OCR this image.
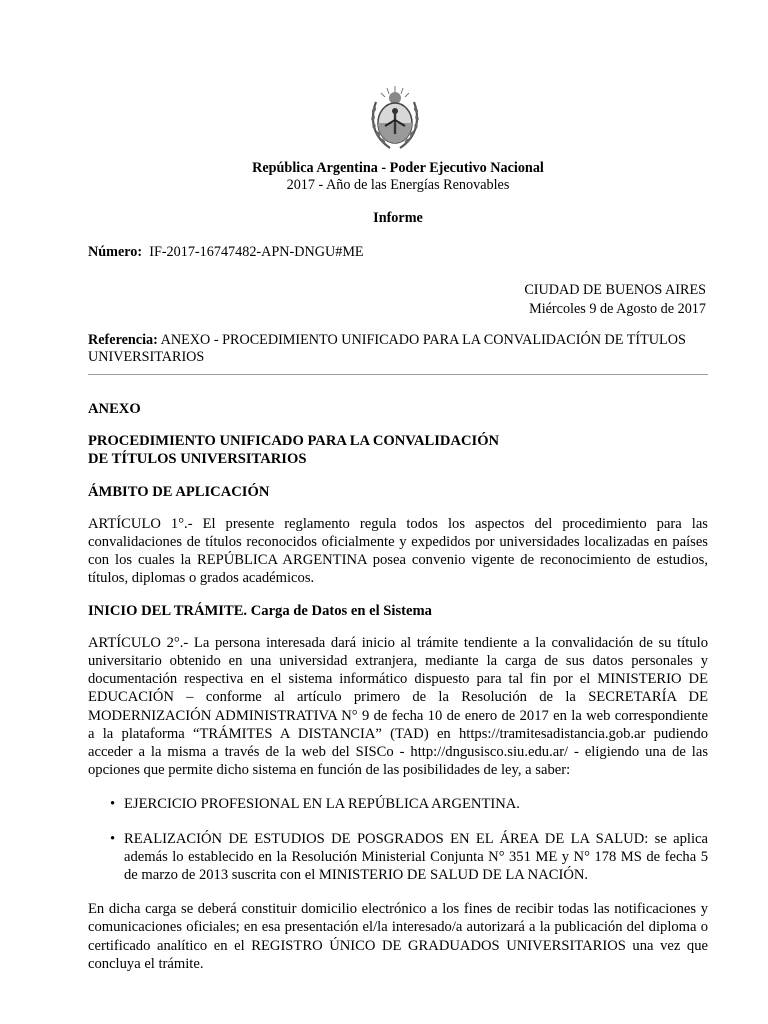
República Argentina - Poder Ejecutivo Nacional
2017 - Año de las Energías Renovables
Informe
Número: IF-2017-16747482-APN-DNGU#ME
CIUDAD DE BUENOS AIRES
Miércoles 9 de Agosto de 2017
Referencia: ANEXO - PROCEDIMIENTO UNIFICADO PARA LA CONVALIDACIÓN DE TÍTULOS UNIVERSITARIOS

ANEXO

PROCEDIMIENTO UNIFICADO PARA LA CONVALIDACIÓN

DE TÍTULOS UNIVERSITARIOS

ÁMBITO DE APLICACIÓN

ARTÍCULO 1°.- El presente reglamento regula todos los aspectos del procedimiento para las convalidaciones de títulos reconocidos oficialmente y expedidos por universidades localizadas en países con los cuales la REPÚBLICA ARGENTINA posea convenio vigente de reconocimiento de estudios, títulos, diplomas o grados académicos.

INICIO DEL TRÁMITE. Carga de Datos en el Sistema

ARTÍCULO 2°.- La persona interesada dará inicio al trámite tendiente a la convalidación de su título universitario obtenido en una universidad extranjera, mediante la carga de sus datos personales y documentación respectiva en el sistema informático dispuesto para tal fin por el MINISTERIO DE EDUCACIÓN – conforme al artículo primero de la Resolución de la SECRETARÍA DE MODERNIZACIÓN ADMINISTRATIVA N° 9 de fecha 10 de enero de 2017 en la web correspondiente a la plataforma “TRÁMITES A DISTANCIA” (TAD) en https://tramitesadistancia.gob.ar pudiendo acceder a la misma a través de la web del SISCo - http://dngusisco.siu.edu.ar/ - eligiendo una de las opciones que permite dicho sistema en función de las posibilidades de ley, a saber:

• EJERCICIO PROFESIONAL EN LA REPÚBLICA ARGENTINA.
• REALIZACIÓN DE ESTUDIOS DE POSGRADOS EN EL ÁREA DE LA SALUD: se aplica además lo establecido en la Resolución Ministerial Conjunta N° 351 ME y N° 178 MS de fecha 5 de marzo de 2013 suscrita con el MINISTERIO DE SALUD DE LA NACIÓN.

En dicha carga se deberá constituir domicilio electrónico a los fines de recibir todas las notificaciones y comunicaciones oficiales; en esa presentación el/la interesado/a autorizará a la publicación del diploma o certificado analítico en el REGISTRO ÚNICO DE GRADUADOS UNIVERSITARIOS una vez que concluya el trámite.
